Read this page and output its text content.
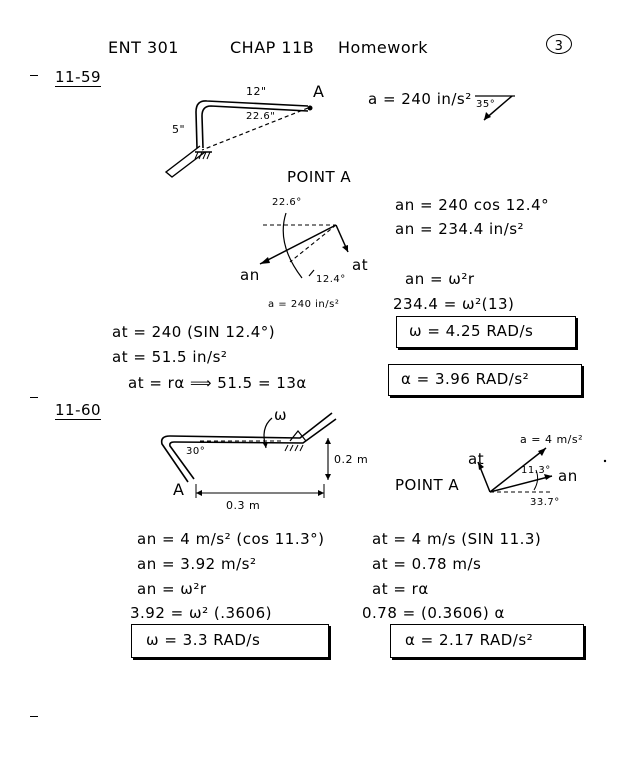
ENT 301	CHAP 11B Homework	3
11-59
12"	A
5"
22.6"
a = 240 in/s² 35°
POINT A
22.6°
an
at
12.4°
a = 240 in/s²
an = 240 cos 12.4°
an = 234.4 in/s²
an = ω²r
234.4 = ω²(13)
ω = 4.25 RAD/s
at = 240 (SIN 12.4°)
at = 51.5 in/s²
at = rα ⟹ 51.5 = 13α	α = 3.96 RAD/s²
11-60	ω
30°
0.2 m
A
0.3 m
POINT A
at
a = 4 m/s²
11.3° an
33.7°
an = 4 m/s² (cos 11.3°)
an = 3.92 m/s²
an = ω²r
3.92 = ω² (.3606)
ω = 3.3 RAD/s
at = 4 m/s (SIN 11.3)
at = 0.78 m/s
at = rα
0.78 = (0.3606) α
α = 2.17 RAD/s²
